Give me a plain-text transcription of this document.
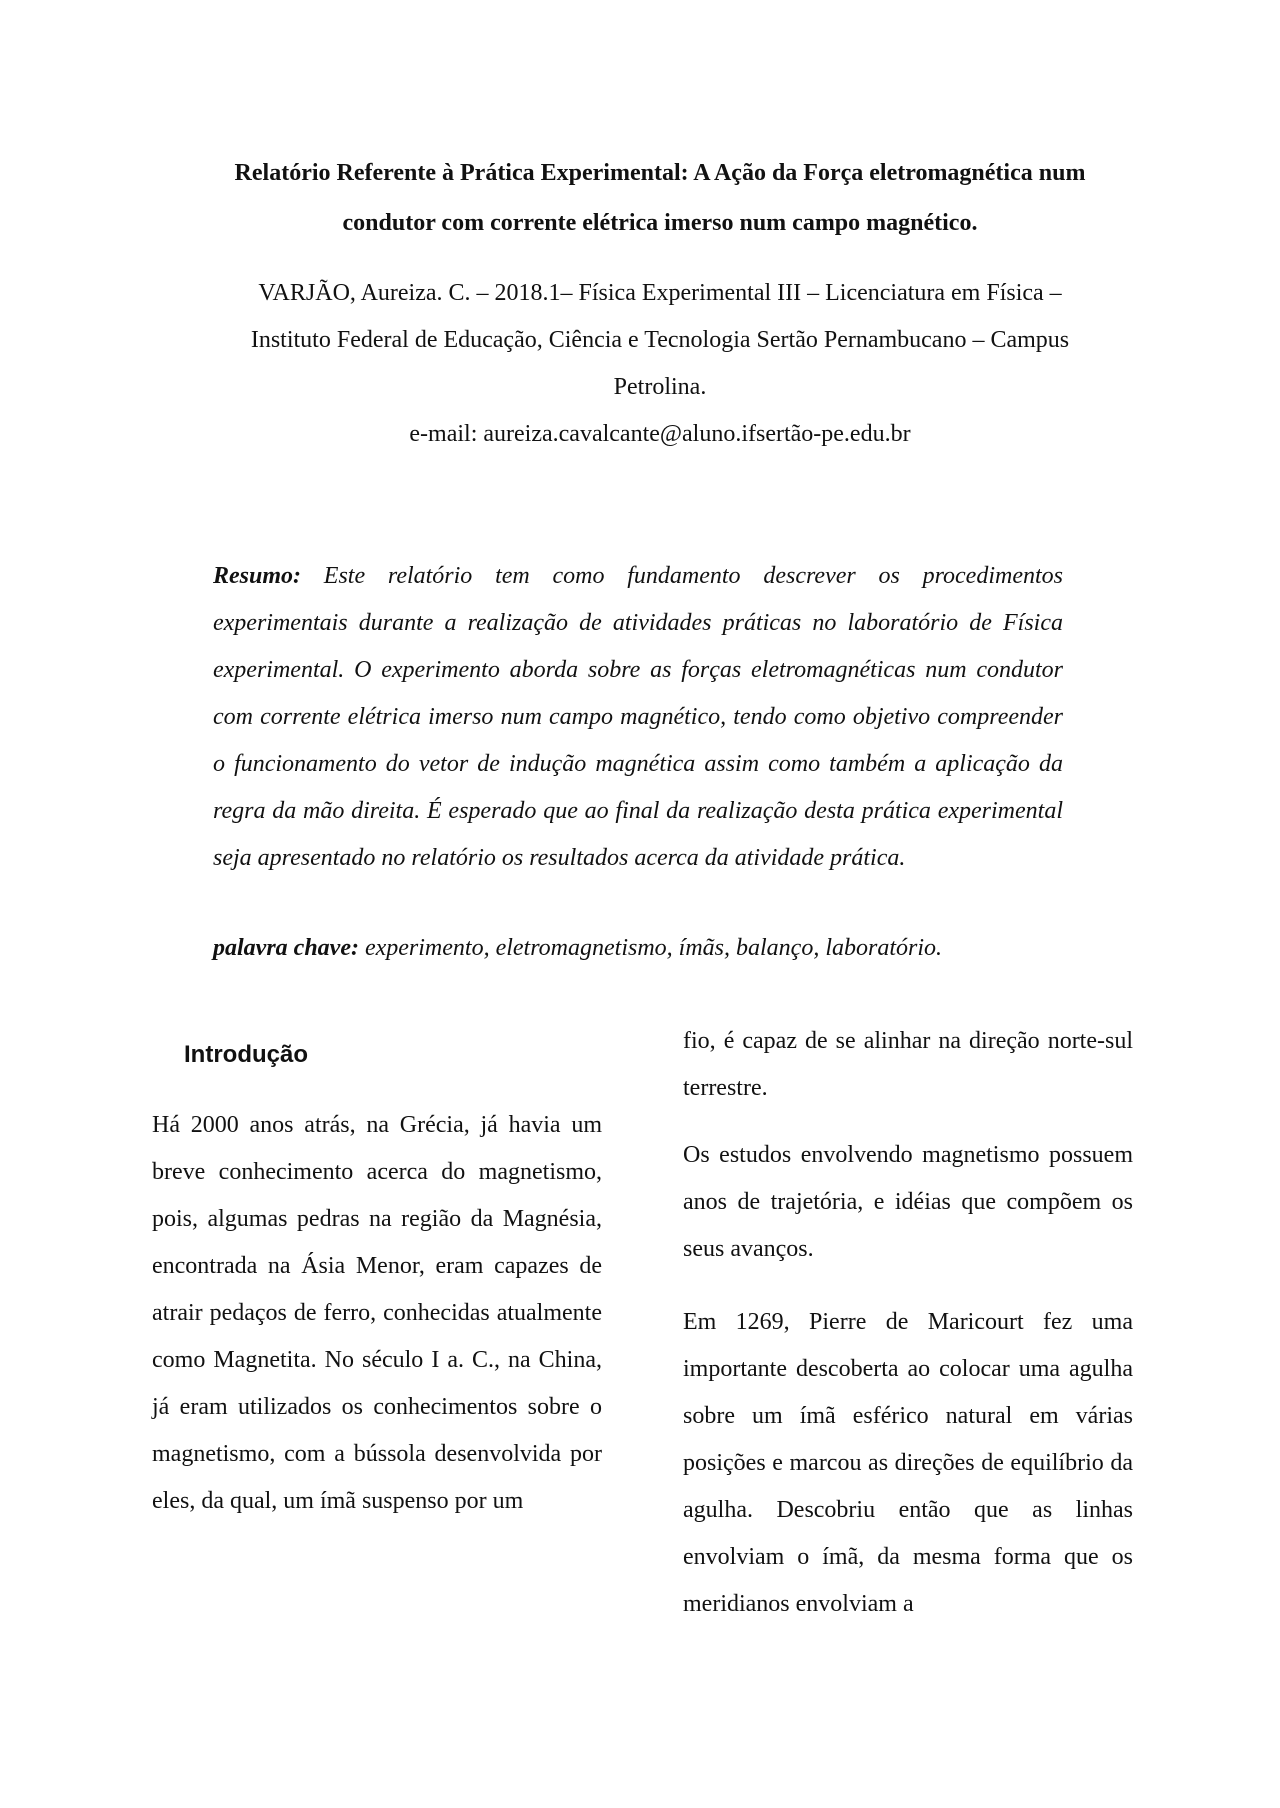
Relatório Referente à Prática Experimental: A Ação da Força eletromagnética num
condutor com corrente elétrica imerso num campo magnético.
VARJÃO, Aureiza. C. – 2018.1– Física Experimental III – Licenciatura em Física –
Instituto Federal de Educação, Ciência e Tecnologia Sertão Pernambucano – Campus
Petrolina.
e-mail: aureiza.cavalcante@aluno.ifsertão-pe.edu.br
Resumo: Este relatório tem como fundamento descrever os procedimentos experimentais durante a realização de atividades práticas no laboratório de Física experimental. O experimento aborda sobre as forças eletromagnéticas num condutor com corrente elétrica imerso num campo magnético, tendo como objetivo compreender o funcionamento do vetor de indução magnética assim como também a aplicação da regra da mão direita. É esperado que ao final da realização desta prática experimental seja apresentado no relatório os resultados acerca da atividade prática.
palavra chave: experimento, eletromagnetismo, ímãs, balanço, laboratório.
Introdução

Há 2000 anos atrás, na Grécia, já havia um breve conhecimento acerca do magnetismo, pois, algumas pedras na região da Magnésia, encontrada na Ásia Menor, eram capazes de atrair pedaços de ferro, conhecidas atualmente como Magnetita. No século I a. C., na China, já eram utilizados os conhecimentos sobre o magnetismo, com a bússola desenvolvida por eles, da qual, um ímã suspenso por um

fio, é capaz de se alinhar na direção norte-sul terrestre.

Os estudos envolvendo magnetismo possuem anos de trajetória, e idéias que compõem os seus avanços.

Em 1269, Pierre de Maricourt fez uma importante descoberta ao colocar uma agulha sobre um ímã esférico natural em várias posições e marcou as direções de equilíbrio da agulha. Descobriu então que as linhas envolviam o ímã, da mesma forma que os meridianos envolviam a
